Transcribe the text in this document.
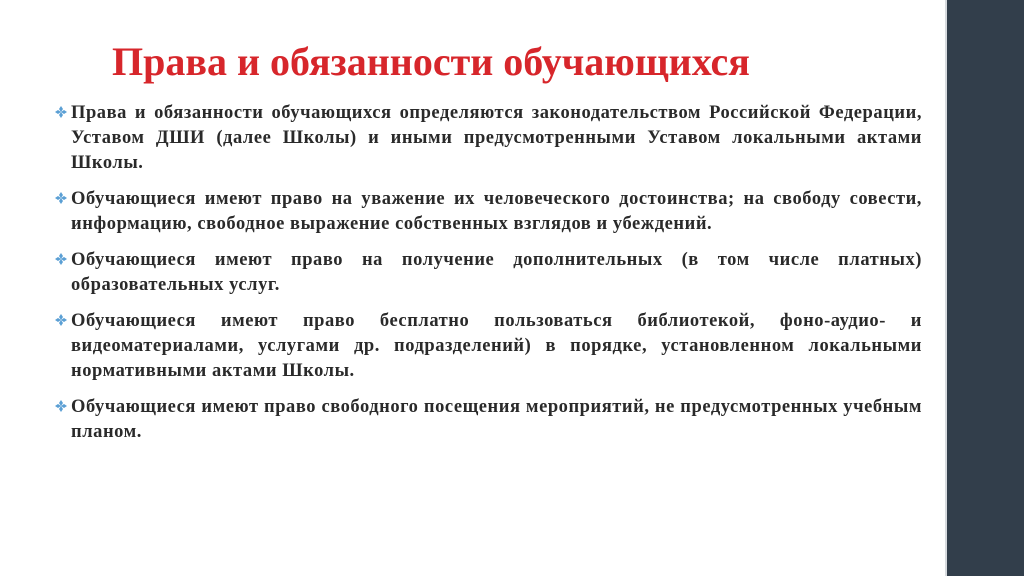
Права и обязанности обучающихся
Права и обязанности обучающихся определяются законодательством Российской Федерации, Уставом ДШИ (далее Школы) и иными предусмотренными Уставом локальными актами Школы.
Обучающиеся имеют право на уважение их человеческого достоинства; на свободу совести, информацию, свободное выражение собственных взглядов и убеждений.
Обучающиеся имеют право на получение дополнительных (в том числе платных) образовательных услуг.
Обучающиеся имеют право бесплатно пользоваться библиотекой, фоно-аудио- и видеоматериалами, услугами др. подразделений) в порядке, установленном локальными нормативными актами Школы.
Обучающиеся имеют право свободного посещения мероприятий, не предусмотренных учебным планом.
